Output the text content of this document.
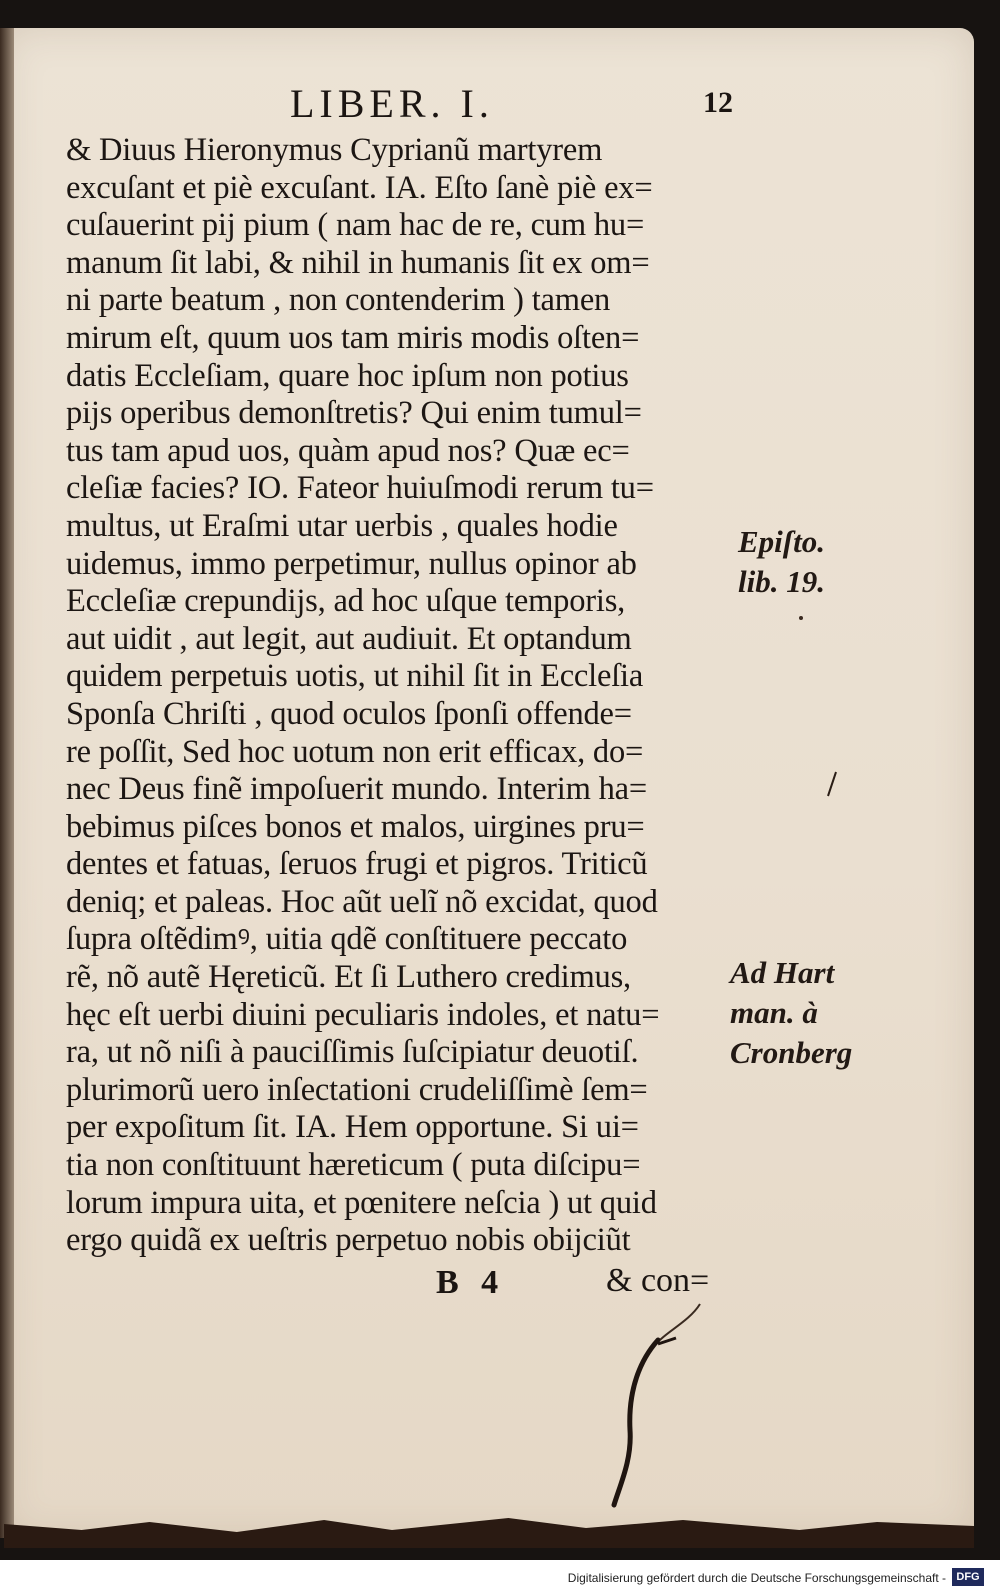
LIBER. I.	12
& Diuus Hieronymus Cyprianũ martyrem
excuſant et piè excuſant. IA. Eſto ſanè piè ex=
cuſauerint pij pium ( nam hac de re, cum hu=
manum ſit labi, & nihil in humanis ſit ex om=
ni parte beatum , non contenderim ) tamen
mirum eſt, quum uos tam miris modis oſten=
datis Eccleſiam, quare hoc ipſum non potius
pijs operibus demonſtretis? Qui enim tumul=
tus tam apud uos, quàm apud nos? Quæ ec=
cleſiæ facies? IO. Fateor huiuſmodi rerum tu=
multus, ut Eraſmi utar uerbis , quales hodie
uidemus, immo perpetimur, nullus opinor ab
Eccleſiæ crepundijs, ad hoc uſque temporis,
aut uidit , aut legit, aut audiuit. Et optandum
quidem perpetuis uotis, ut nihil ſit in Eccleſia
Sponſa Chriſti , quod oculos ſponſi offende=
re poſſit, Sed hoc uotum non erit efficax, do=
nec Deus finẽ impoſuerit mundo. Interim ha=
bebimus piſces bonos et malos, uirgines pru=
dentes et fatuas, ſeruos frugi et pigros. Triticũ
deniq; et paleas. Hoc aũt uelĩ nõ excidat, quod
ſupra oſtẽdimꝰ, uitia qdẽ conſtituere peccato
rẽ, nõ autẽ Hęreticũ. Et ſi Luthero credimus,
hęc eſt uerbi diuini peculiaris indoles, et natu=
ra, ut nõ niſi à pauciſſimis ſuſcipiatur deuotiſ.
plurimorũ uero inſectationi crudeliſſimè ſem=
per expoſitum ſit. IA. Hem opportune. Si ui=
tia non conſtituunt hæreticum ( puta diſcipu=
lorum impura uita, et pœnitere neſcia ) ut quid
ergo quidã ex ueſtris perpetuo nobis obijciũt
Epiſto.
lib. 19.
Ad Hart
man. à
Cronberg
B 4	& con=
Digitalisierung gefördert durch die Deutsche Forschungsgemeinschaft - DFG
